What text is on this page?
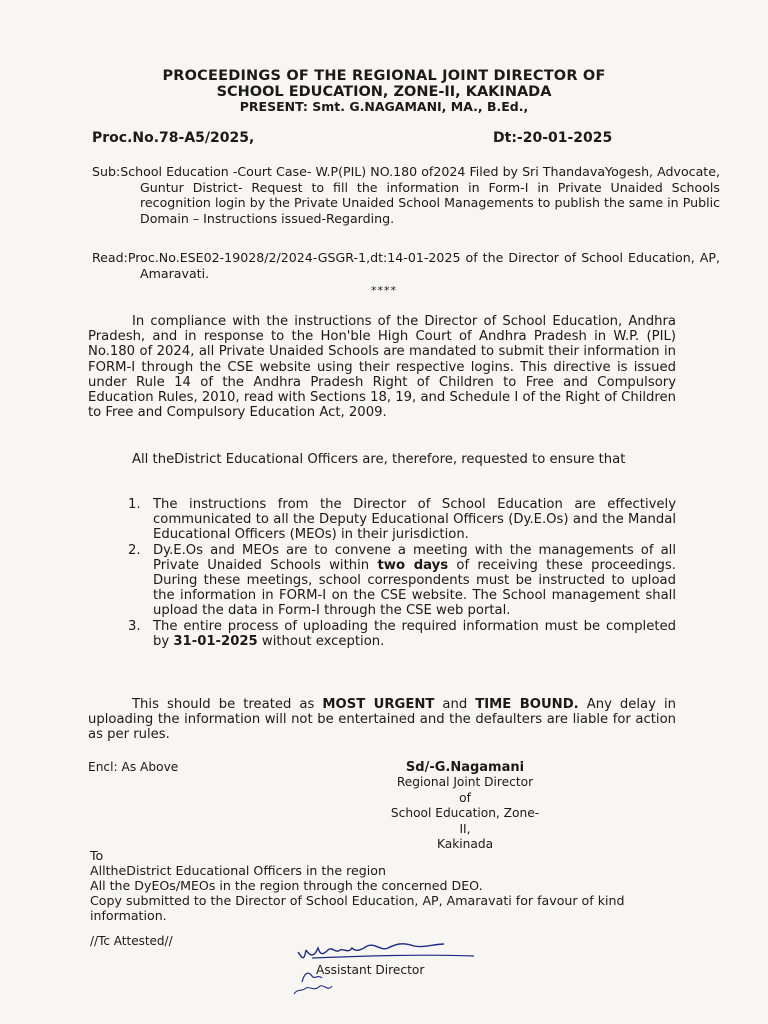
PROCEEDINGS OF THE REGIONAL JOINT DIRECTOR OF
SCHOOL EDUCATION, ZONE-II, KAKINADA
PRESENT: Smt. G.NAGAMANI, MA., B.Ed.,
Proc.No.78-A5/2025,	Dt:-20-01-2025
Sub:School Education -Court Case- W.P(PIL) NO.180 of2024 Filed by Sri ThandavaYogesh, Advocate, Guntur District- Request to fill the information in Form-I in Private Unaided Schools recognition login by the Private Unaided School Managements to publish the same in Public Domain – Instructions issued-Regarding.
Read:Proc.No.ESE02-19028/2/2024-GSGR-1,dt:14-01-2025 of the Director of School Education, AP, Amaravati.
****
In compliance with the instructions of the Director of School Education, Andhra Pradesh, and in response to the Hon'ble High Court of Andhra Pradesh in W.P. (PIL) No.180 of 2024, all Private Unaided Schools are mandated to submit their information in FORM-I through the CSE website using their respective logins. This directive is issued under Rule 14 of the Andhra Pradesh Right of Children to Free and Compulsory Education Rules, 2010, read with Sections 18, 19, and Schedule I of the Right of Children to Free and Compulsory Education Act, 2009.
All theDistrict Educational Officers are, therefore, requested to ensure that
1. The instructions from the Director of School Education are effectively communicated to all the Deputy Educational Officers (Dy.E.Os) and the Mandal Educational Officers (MEOs) in their jurisdiction.
2. Dy.E.Os and MEOs are to convene a meeting with the managements of all Private Unaided Schools within two days of receiving these proceedings. During these meetings, school correspondents must be instructed to upload the information in FORM-I on the CSE website. The School management shall upload the data in Form-I through the CSE web portal.
3. The entire process of uploading the required information must be completed by 31-01-2025 without exception.
This should be treated as MOST URGENT and TIME BOUND. Any delay in uploading the information will not be entertained and the defaulters are liable for action as per rules.
Encl: As Above	Sd/-G.Nagamani
Regional Joint Director of
School Education, Zone-II,
Kakinada
To
AlltheDistrict Educational Officers in the region
All the DyEOs/MEOs in the region through the concerned DEO.
Copy submitted to the Director of School Education, AP, Amaravati for favour of kind information.
//Tc Attested//
Assistant Director
